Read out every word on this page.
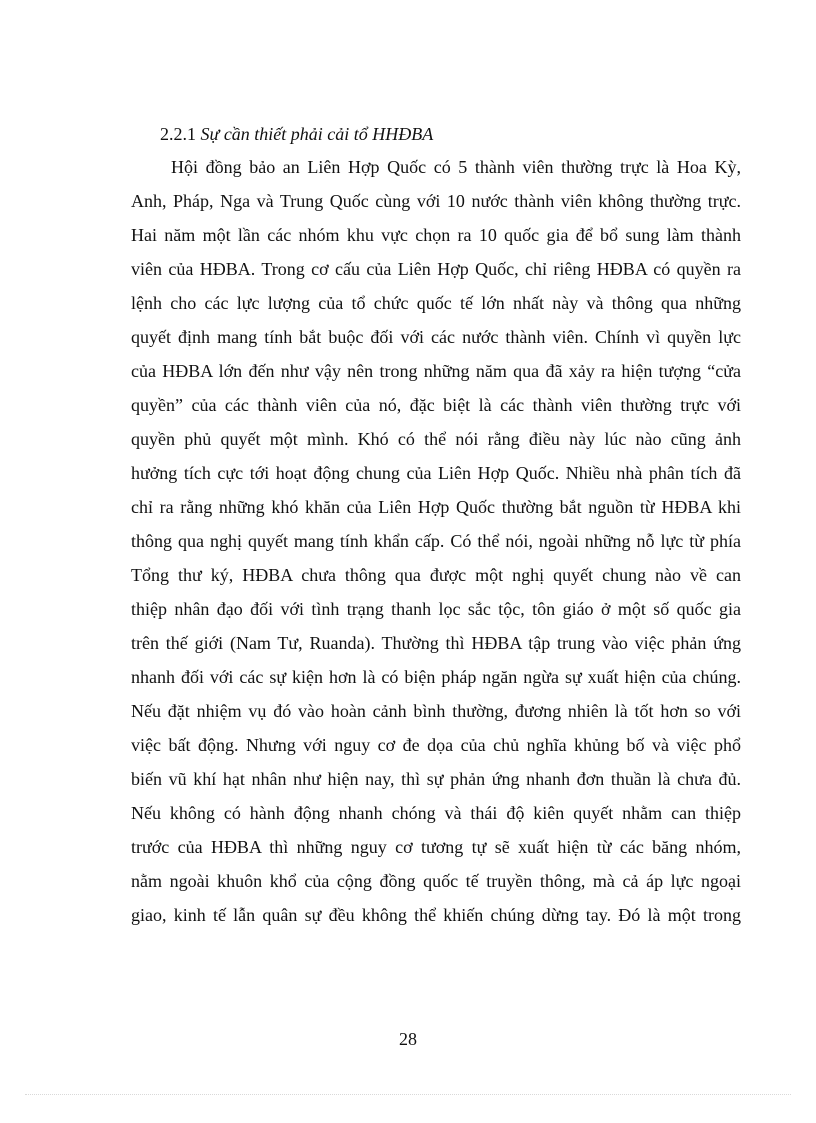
2.2.1 Sự cần thiết phải cải tổ HHĐBA
Hội đồng bảo an Liên Hợp Quốc có 5 thành viên thường trực là Hoa Kỳ,
Anh, Pháp, Nga và Trung Quốc cùng với 10 nước thành viên không thường trực.
Hai năm một lần các nhóm khu vực chọn ra 10 quốc gia để bổ sung làm thành
viên của HĐBA. Trong cơ cấu của Liên Hợp Quốc, chỉ riêng HĐBA có quyền ra
lệnh cho các lực lượng của tổ chức quốc tế lớn nhất này và thông qua những
quyết định mang tính bắt buộc đối với các nước thành viên. Chính vì quyền lực
của HĐBA lớn đến như vậy nên trong những năm qua đã xảy ra hiện tượng “cửa
quyền” của các thành viên của nó, đặc biệt là các thành viên thường trực với
quyền phủ quyết một mình. Khó có thể nói rằng điều này lúc nào cũng ảnh
hưởng tích cực tới hoạt động chung của Liên Hợp Quốc. Nhiều nhà phân tích đã
chỉ ra rằng những khó khăn của Liên Hợp Quốc thường bắt nguồn từ HĐBA khi
thông qua nghị quyết mang tính khẩn cấp. Có thể nói, ngoài những nỗ lực từ phía
Tổng thư ký, HĐBA chưa thông qua được một nghị quyết chung nào về can
thiệp nhân đạo đối với tình trạng thanh lọc sắc tộc, tôn giáo ở một số quốc gia
trên thế giới (Nam Tư, Ruanda). Thường thì HĐBA tập trung vào việc phản ứng
nhanh đối với các sự kiện hơn là có biện pháp ngăn ngừa sự xuất hiện của chúng.
Nếu đặt nhiệm vụ đó vào hoàn cảnh bình thường, đương nhiên là tốt hơn so với
việc bất động. Nhưng với nguy cơ đe dọa của chủ nghĩa khủng bố và việc phổ
biến vũ khí hạt nhân như hiện nay, thì sự phản ứng nhanh đơn thuần là chưa đủ.
Nếu không có hành động nhanh chóng và thái độ kiên quyết nhằm can thiệp
trước của HĐBA thì những nguy cơ tương tự sẽ xuất hiện từ các băng nhóm,
nằm ngoài khuôn khổ của cộng đồng quốc tế truyền thông, mà cả áp lực ngoại
giao, kinh tế lẫn quân sự đều không thể khiến chúng dừng tay. Đó là một trong
28
